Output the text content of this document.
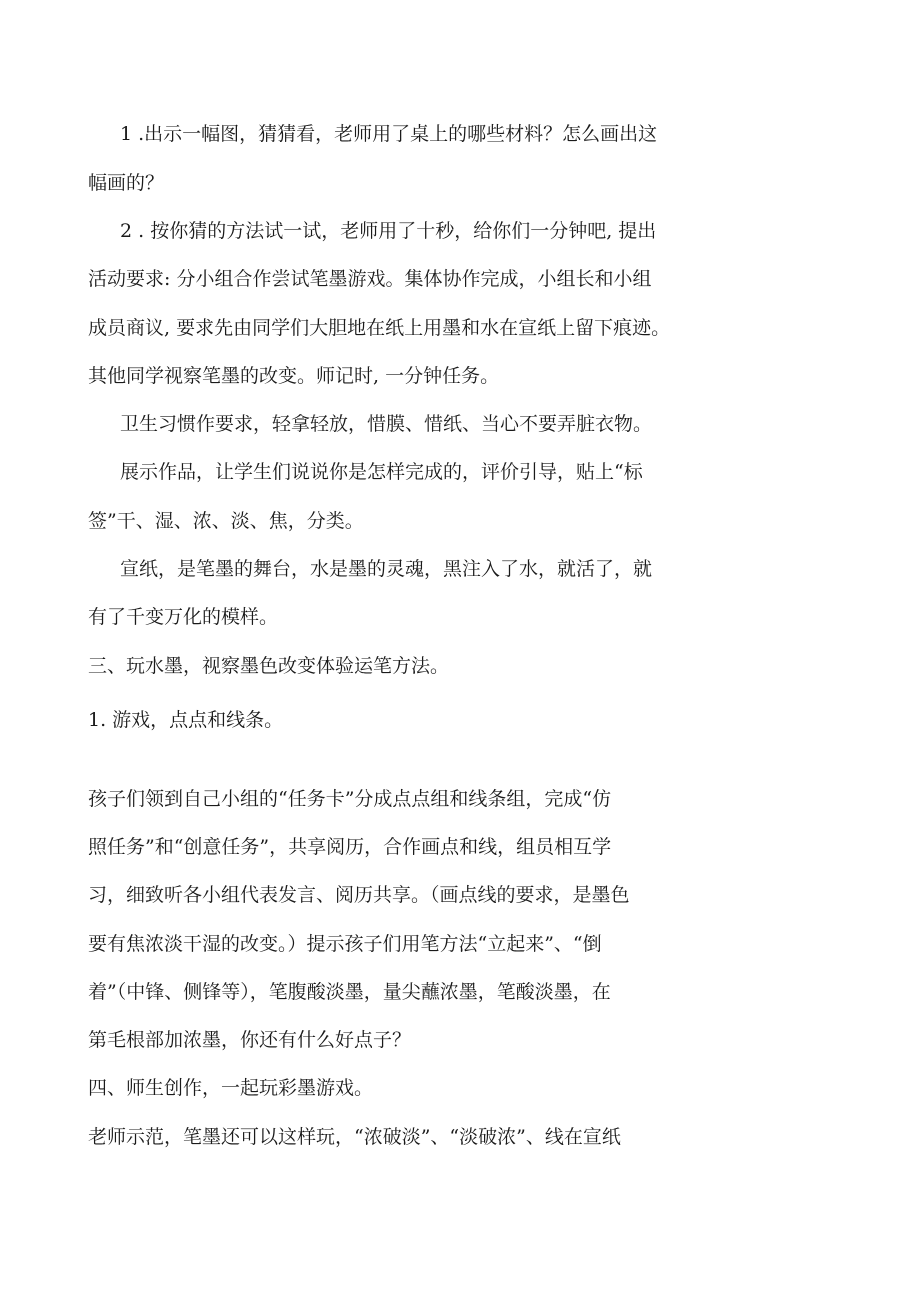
1 .出示一幅图，猜猜看，老师用了桌上的哪些材料？怎么画出这
幅画的？
2 . 按你猜的方法试一试，老师用了十秒，给你们一分钟吧, 提出
活动要求: 分小组合作尝试笔墨游戏。集体协作完成，小组长和小组
成员商议, 要求先由同学们大胆地在纸上用墨和水在宣纸上留下痕迹。
其他同学视察笔墨的改变。师记时, 一分钟任务。
卫生习惯作要求，轻拿轻放，惜膜、惜纸、当心不要弄脏衣物。
展示作品，让学生们说说你是怎样完成的，评价引导，贴上“标
签”干、湿、浓、淡、焦，分类。
宣纸，是笔墨的舞台，水是墨的灵魂，黑注入了水，就活了，就
有了千变万化的模样。
三、玩水墨，视察墨色改变体验运笔方法。
1. 游戏，点点和线条。
孩子们领到自己小组的“任务卡”分成点点组和线条组，完成“仿
照任务”和“创意任务”，共享阅历，合作画点和线，组员相互学
习，细致听各小组代表发言、阅历共享。（画点线的要求，是墨色
要有焦浓淡干湿的改变。）提示孩子们用笔方法“立起来”、“倒
着”（中锋、侧锋等），笔腹酸淡墨，量尖蘸浓墨，笔酸淡墨，在
第毛根部加浓墨，你还有什么好点子？
四、师生创作，一起玩彩墨游戏。
老师示范，笔墨还可以这样玩，“浓破淡”、“淡破浓”、线在宣纸
